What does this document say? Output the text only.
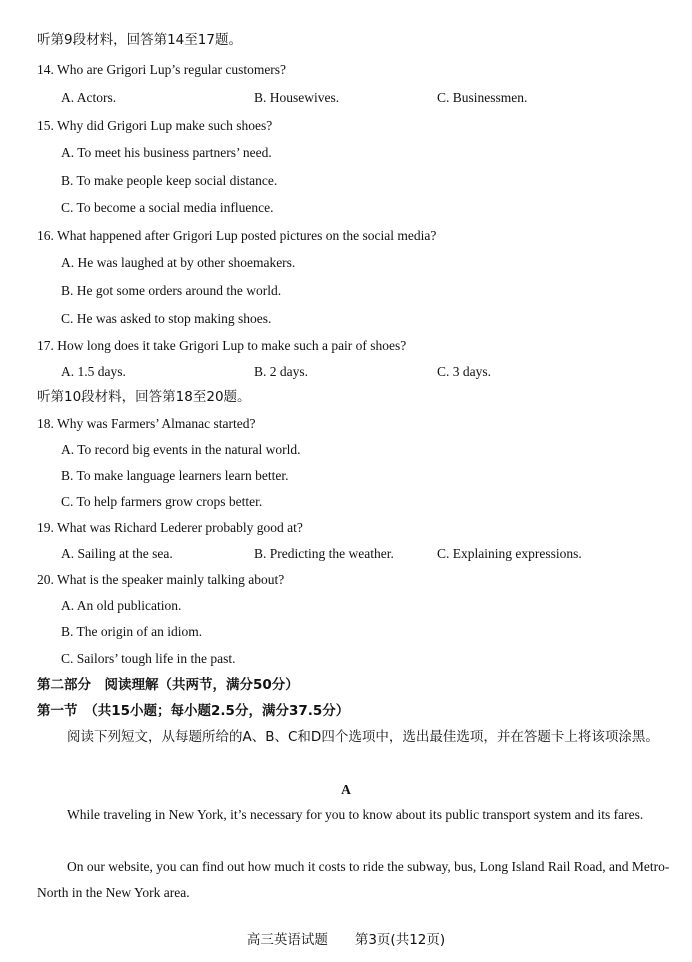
听第9段材料，回答第14至17题。
14. Who are Grigori Lup’s regular customers?
A. Actors.	B. Housewives.	C. Businessmen.
15. Why did Grigori Lup make such shoes?
A. To meet his business partners’ need.
B. To make people keep social distance.
C. To become a social media influence.
16. What happened after Grigori Lup posted pictures on the social media?
A. He was laughed at by other shoemakers.
B. He got some orders around the world.
C. He was asked to stop making shoes.
17. How long does it take Grigori Lup to make such a pair of shoes?
A. 1.5 days.	B. 2 days.	C. 3 days.
听第10段材料，回答第18至20题。
18. Why was Farmers’ Almanac started?
A. To record big events in the natural world.
B. To make language learners learn better.
C. To help farmers grow crops better.
19. What was Richard Lederer probably good at?
A. Sailing at the sea.	B. Predicting the weather.	C. Explaining expressions.
20. What is the speaker mainly talking about?
A. An old publication.
B. The origin of an idiom.
C. Sailors’ tough life in the past.
第二部分　阅读理解（共两节，满分50分）
第一节　（共15小题；每小题2.5分，满分37.5分）
阅读下列短文，从每题所给的A、B、C和D四个选项中，选出最佳选项，并在答题卡上将该项涂黑。
A
While traveling in New York, it’s necessary for you to know about its public transport system and its fares.
On our website, you can find out how much it costs to ride the subway, bus, Long Island Rail Road, and Metro-North in the New York area.
高三英语试题　　第3页(共12页)
